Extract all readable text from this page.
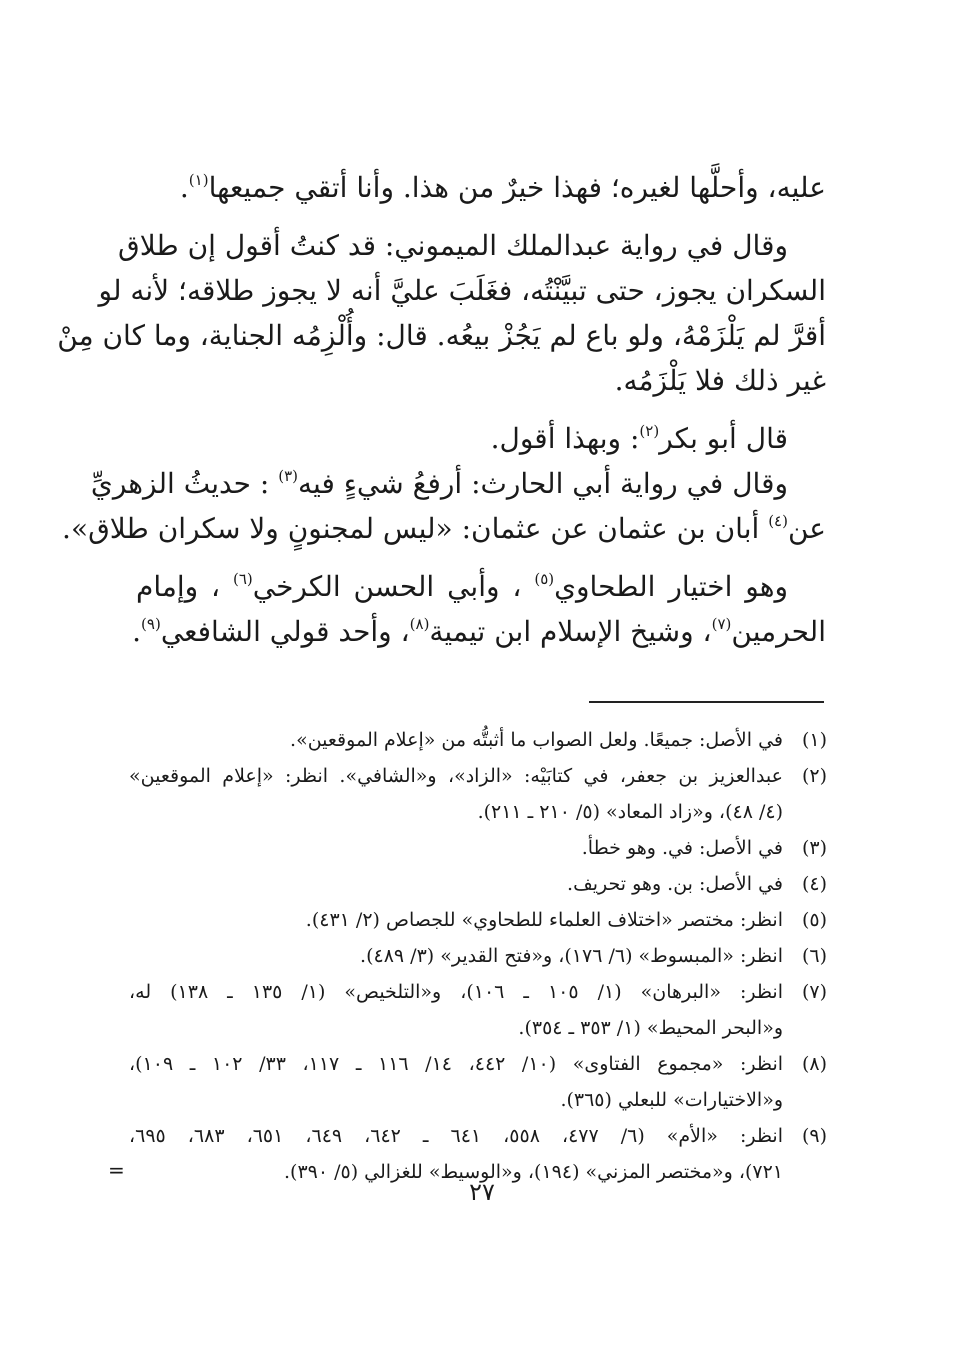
عليه، وأحلَّها لغيره؛ فهذا خيرٌ من هذا. وأنا أتقي جميعها$^{(١)}$.
وقال في رواية عبدالملك الميموني: قد كنتُ أقول إن طلاق
السكران يجوز، حتى تبيَّنْتُه، فغَلَبَ عليَّ أنه لا يجوز طلاقه؛ لأنه لو
أقرَّ لم يَلْزَمْهُ، ولو باع لم يَجُزْ بيعُه. قال: وأُلْزِمُه الجناية، وما كان مِنْ
غير ذلك فلا يَلْزَمُه.
قال أبو بكر$^{(٢)}$: وبهذا أقول.
وقال في رواية أبي الحارث: أرفعُ شيءٍ فيه$^{(٣)}$ : حديثُ الزهريِّ
عن$^{(٤)}$ أبان بن عثمان عن عثمان: «ليس لمجنونٍ ولا سكران طلاق».
وهو اختيار الطحاوي$^{(٥)}$ ، وأبي الحسن الكرخي$^{(٦)}$ ، وإمام
الحرمين$^{(٧)}$، وشيخ الإسلام ابن تيمية$^{(٨)}$، وأحد قولي الشافعي$^{(٩)}$.
(١)
في الأصل: جميعًا. ولعل الصواب ما أثبتُّه من «إعلام الموقعين».
(٢)
عبدالعزيز بن جعفر، في كتابَيْه: «الزاد»، و«الشافي». انظر: «إعلام الموقعين»
(٤/ ٤٨)، و«زاد المعاد» (٥/ ٢١٠ ـ ٢١١).
(٣)
في الأصل: في. وهو خطأ.
(٤)
في الأصل: بن. وهو تحريف.
(٥)
انظر: مختصر «اختلاف العلماء للطحاوي» للجصاص (٢/ ٤٣١).
(٦)
انظر: «المبسوط» (٦/ ١٧٦)، و«فتح القدير» (٣/ ٤٨٩).
(٧)
انظر: «البرهان» (١/ ١٠٥ ـ ١٠٦)، و«التلخيص» (١/ ١٣٥ ـ ١٣٨) له،
و«البحر المحيط» (١/ ٣٥٣ ـ ٣٥٤).
(٨)
انظر: «مجموع الفتاوى» (١٠/ ٤٤٢، ١٤/ ١١٦ ـ ١١٧، ٣٣/ ١٠٢ ـ ١٠٩)،
و«الاختيارات» للبعلي (٣٦٥).
(٩)
انظر: «الأم» (٦/ ٤٧٧، ٥٥٨، ٦٤١ ـ ٦٤٢، ٦٤٩، ٦٥١، ٦٨٣، ٦٩٥،
٧٢١)، و«مختصر المزني» (١٩٤)، و«الوسيط» للغزالي (٥/ ٣٩٠).
=
٢٧
